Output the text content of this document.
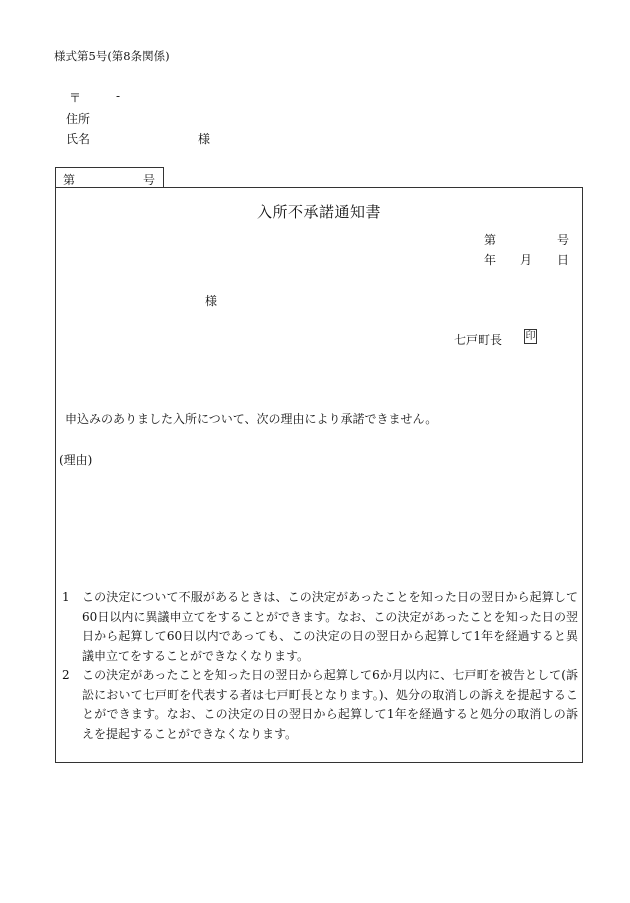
様式第5号(第8条関係)
〒	-
住所
氏名	様
第	号
入所不承諾通知書
第	号
年 月 日
様
七戸町長 印
申込みのありました入所について、次の理由により承諾できません。
(理由)
1	この決定について不服があるときは、この決定があったことを知った日の翌日から起算して60日以内に異議申立てをすることができます。なお、この決定があったことを知った日の翌日から起算して60日以内であっても、この決定の日の翌日から起算して1年を経過すると異議申立てをすることができなくなります。
2	この決定があったことを知った日の翌日から起算して6か月以内に、七戸町を被告として(訴訟において七戸町を代表する者は七戸町長となります。)、処分の取消しの訴えを提起することができます。なお、この決定の日の翌日から起算して1年を経過すると処分の取消しの訴えを提起することができなくなります。
